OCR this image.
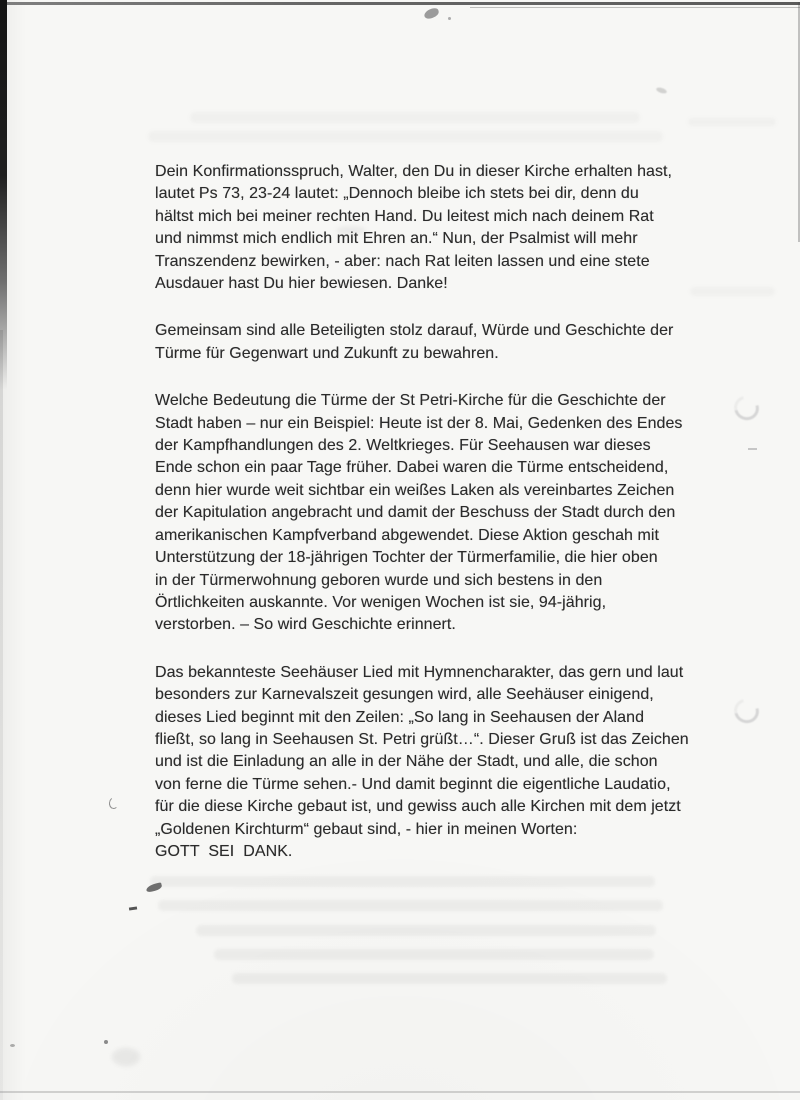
Dein Konfirmationsspruch, Walter, den Du in dieser Kirche erhalten hast,
lautet Ps 73, 23-24 lautet: „Dennoch bleibe ich stets bei dir, denn du
hältst mich bei meiner rechten Hand. Du leitest mich nach deinem Rat
und nimmst mich endlich mit Ehren an.“ Nun, der Psalmist will mehr
Transzendenz bewirken, - aber: nach Rat leiten lassen und eine stete
Ausdauer hast Du hier bewiesen. Danke!
Gemeinsam sind alle Beteiligten stolz darauf, Würde und Geschichte der
Türme für Gegenwart und Zukunft zu bewahren.
Welche Bedeutung die Türme der St Petri-Kirche für die Geschichte der
Stadt haben – nur ein Beispiel: Heute ist der 8. Mai, Gedenken des Endes
der Kampfhandlungen des 2. Weltkrieges. Für Seehausen war dieses
Ende schon ein paar Tage früher. Dabei waren die Türme entscheidend,
denn hier wurde weit sichtbar ein weißes Laken als vereinbartes Zeichen
der Kapitulation angebracht und damit der Beschuss der Stadt durch den
amerikanischen Kampfverband abgewendet. Diese Aktion geschah mit
Unterstützung der 18-jährigen Tochter der Türmerfamilie, die hier oben
in der Türmerwohnung geboren wurde und sich bestens in den
Örtlichkeiten auskannte. Vor wenigen Wochen ist sie, 94-jährig,
verstorben. – So wird Geschichte erinnert.
Das bekannteste Seehäuser Lied mit Hymnencharakter, das gern und laut
besonders zur Karnevalszeit gesungen wird, alle Seehäuser einigend,
dieses Lied beginnt mit den Zeilen: „So lang in Seehausen der Aland
fließt, so lang in Seehausen St. Petri grüßt…“. Dieser Gruß ist das Zeichen
und ist die Einladung an alle in der Nähe der Stadt, und alle, die schon
von ferne die Türme sehen.- Und damit beginnt die eigentliche Laudatio,
für die diese Kirche gebaut ist, und gewiss auch alle Kirchen mit dem jetzt
„Goldenen Kirchturm“ gebaut sind, - hier in meinen Worten:
GOTT  SEI  DANK.
